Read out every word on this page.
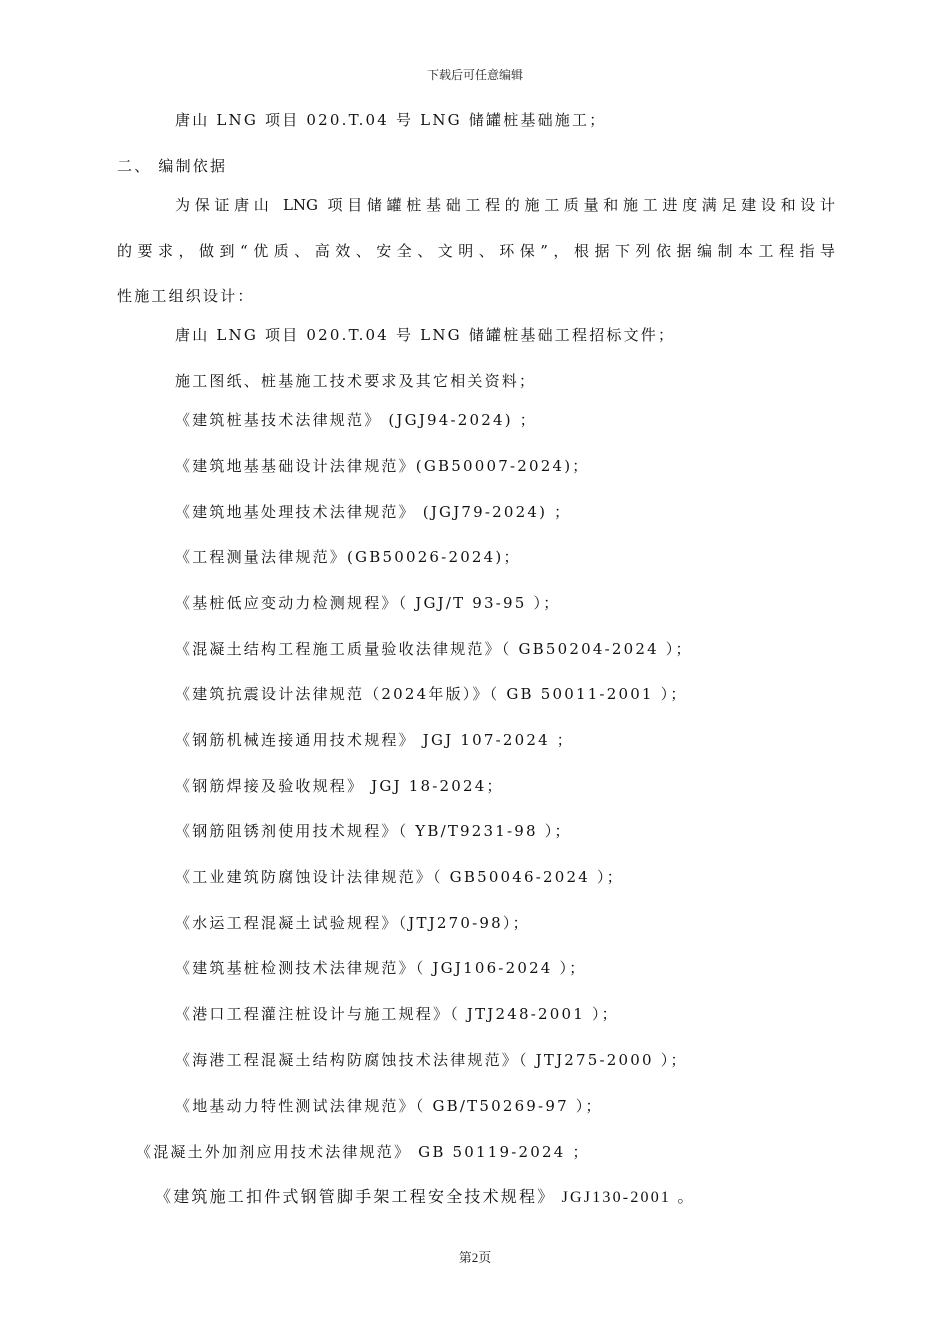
下载后可任意编辑
唐山 LNG 项目 020.T.04 号 LNG 储罐桩基础施工；
二、 编制依据
为保证唐山 LNG 项目储罐桩基础工程的施工质量和施工进度满足建设和设计
的要求，做到“优质、高效、安全、文明、环保”，根据下列依据编制本工程指导
性施工组织设计：
唐山 LNG 项目 020.T.04 号 LNG 储罐桩基础工程招标文件；
施工图纸、桩基施工技术要求及其它相关资料；
《建筑桩基技术法律规范》 (JGJ94-2024) ；
《建筑地基基础设计法律规范》(GB50007-2024)；
《建筑地基处理技术法律规范》 (JGJ79-2024) ；
《工程测量法律规范》(GB50026-2024)；
《基桩低应变动力检测规程》（ JGJ/T 93-95 ）；
《混凝土结构工程施工质量验收法律规范》（ GB50204-2024 ）；
《建筑抗震设计法律规范（2024年版）》（ GB 50011-2001 ）；
《钢筋机械连接通用技术规程》 JGJ 107-2024 ；
《钢筋焊接及验收规程》 JGJ 18-2024；
《钢筋阻锈剂使用技术规程》（ YB/T9231-98 ）；
《工业建筑防腐蚀设计法律规范》（ GB50046-2024 ）；
《水运工程混凝土试验规程》（JTJ270-98）；
《建筑基桩检测技术法律规范》（ JGJ106-2024 ）；
《港口工程灌注桩设计与施工规程》（ JTJ248-2001 ）；
《海港工程混凝土结构防腐蚀技术法律规范》（ JTJ275-2000 ）；
《地基动力特性测试法律规范》（ GB/T50269-97 ）；
《混凝土外加剂应用技术法律规范》 GB 50119-2024 ；
《建筑施工扣件式钢管脚手架工程安全技术规程》 JGJ130-2001 。
第2页
